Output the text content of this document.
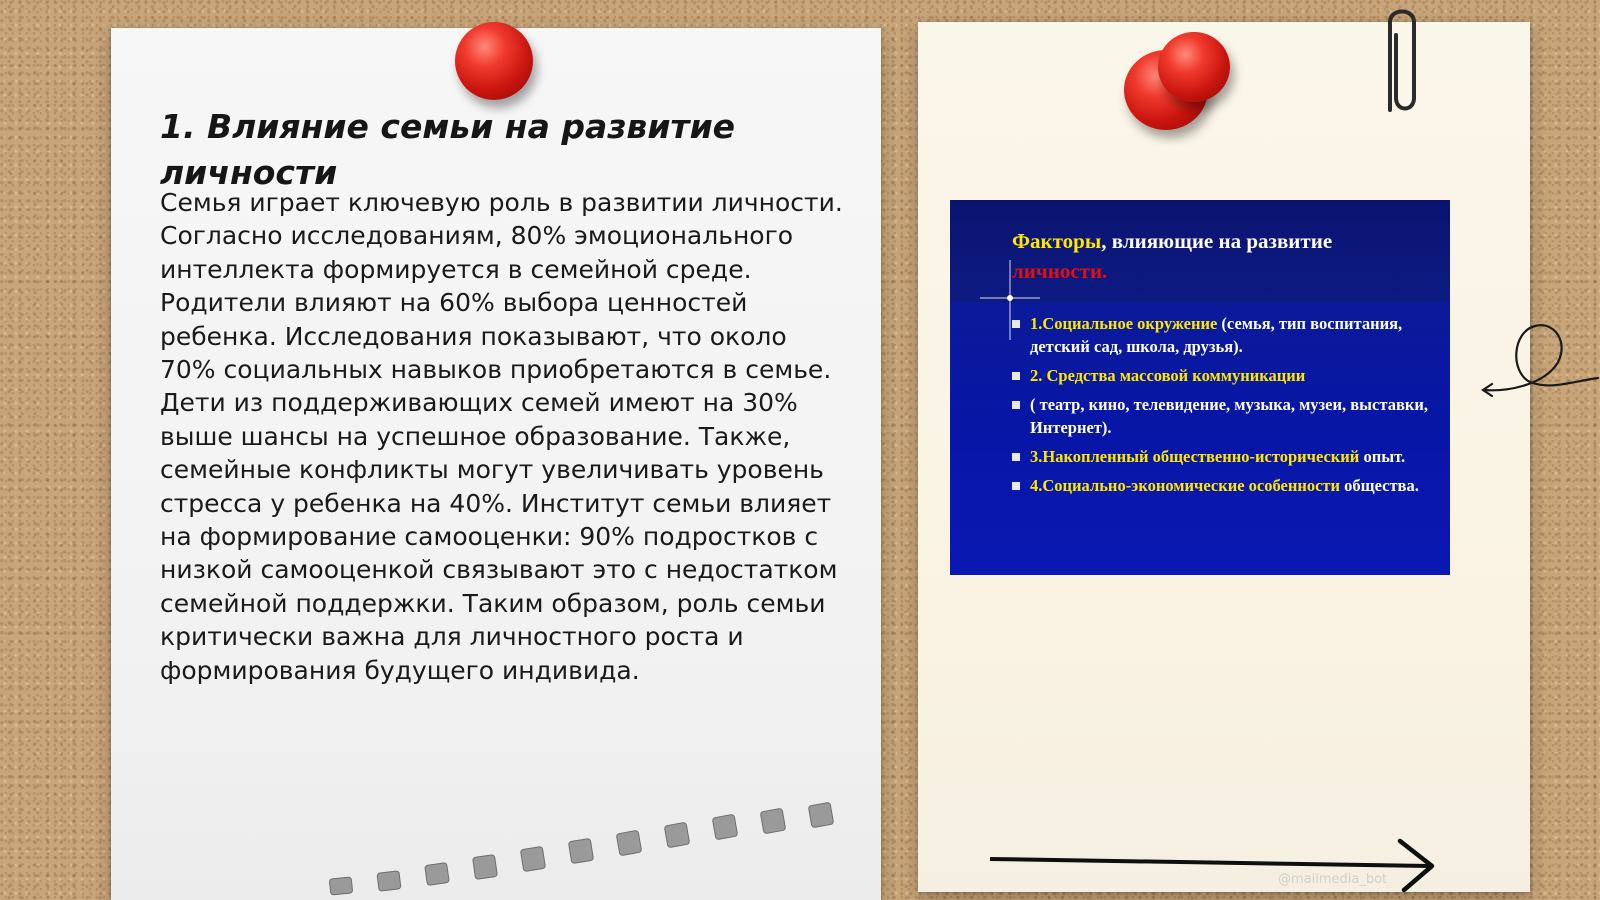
1. Влияние семьи на развитие личности

Семья играет ключевую роль в развитии личности. Согласно исследованиям, 80% эмоционального интеллекта формируется в семейной среде. Родители влияют на 60% выбора ценностей ребенка. Исследования показывают, что около 70% социальных навыков приобретаются в семье. Дети из поддерживающих семей имеют на 30% выше шансы на успешное образование. Также, семейные конфликты могут увеличивать уровень стресса у ребенка на 40%. Институт семьи влияет на формирование самооценки: 90% подростков с низкой самооценкой связывают это с недостатком семейной поддержки. Таким образом, роль семьи критически важна для личностного роста и формирования будущего индивида.

Факторы, влияющие на развитие
личности.

1.Социальное окружение (семья, тип воспитания, детский сад, школа, друзья).
2. Средства массовой коммуникации
( театр, кино, телевидение, музыка, музеи, выставки, Интернет).
3.Накопленный общественно-исторический опыт.
4.Социально-экономические особенности общества.
@mailmedia_bot
